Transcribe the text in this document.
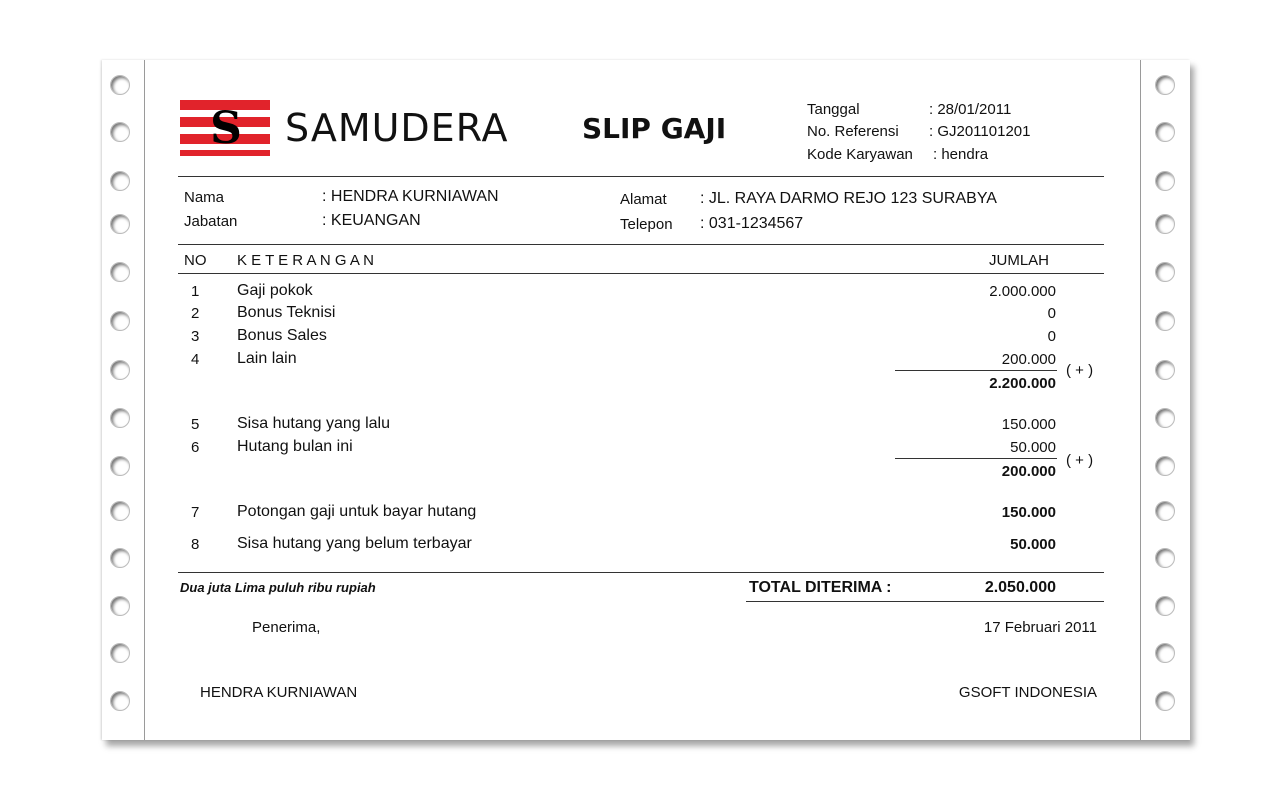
S SAMUDERA	SLIP GAJI
Tanggal	: 28/01/2011
No. Referensi : GJ201101201
Kode Karyawan : hendra
Nama	: HENDRA KURNIAWAN
Jabatan	: KEUANGAN
Alamat : JL. RAYA DARMO REJO 123 SURABYA
Telepon : 031-1234567
NO K E T E R A N G A N	JUMLAH
1 Gaji pokok	2.000.000
2 Bonus Teknisi	0
3 Bonus Sales	0
4 Lain lain	200.000
( + )
2.200.000
5 Sisa hutang yang lalu	150.000
6 Hutang bulan ini	50.000
( + )
200.000
7 Potongan gaji untuk bayar hutang	150.000
8 Sisa hutang yang belum terbayar	50.000
Dua juta Lima puluh ribu rupiah	TOTAL DITERIMA :	2.050.000
Penerima,	17 Februari 2011
HENDRA KURNIAWAN	GSOFT INDONESIA
